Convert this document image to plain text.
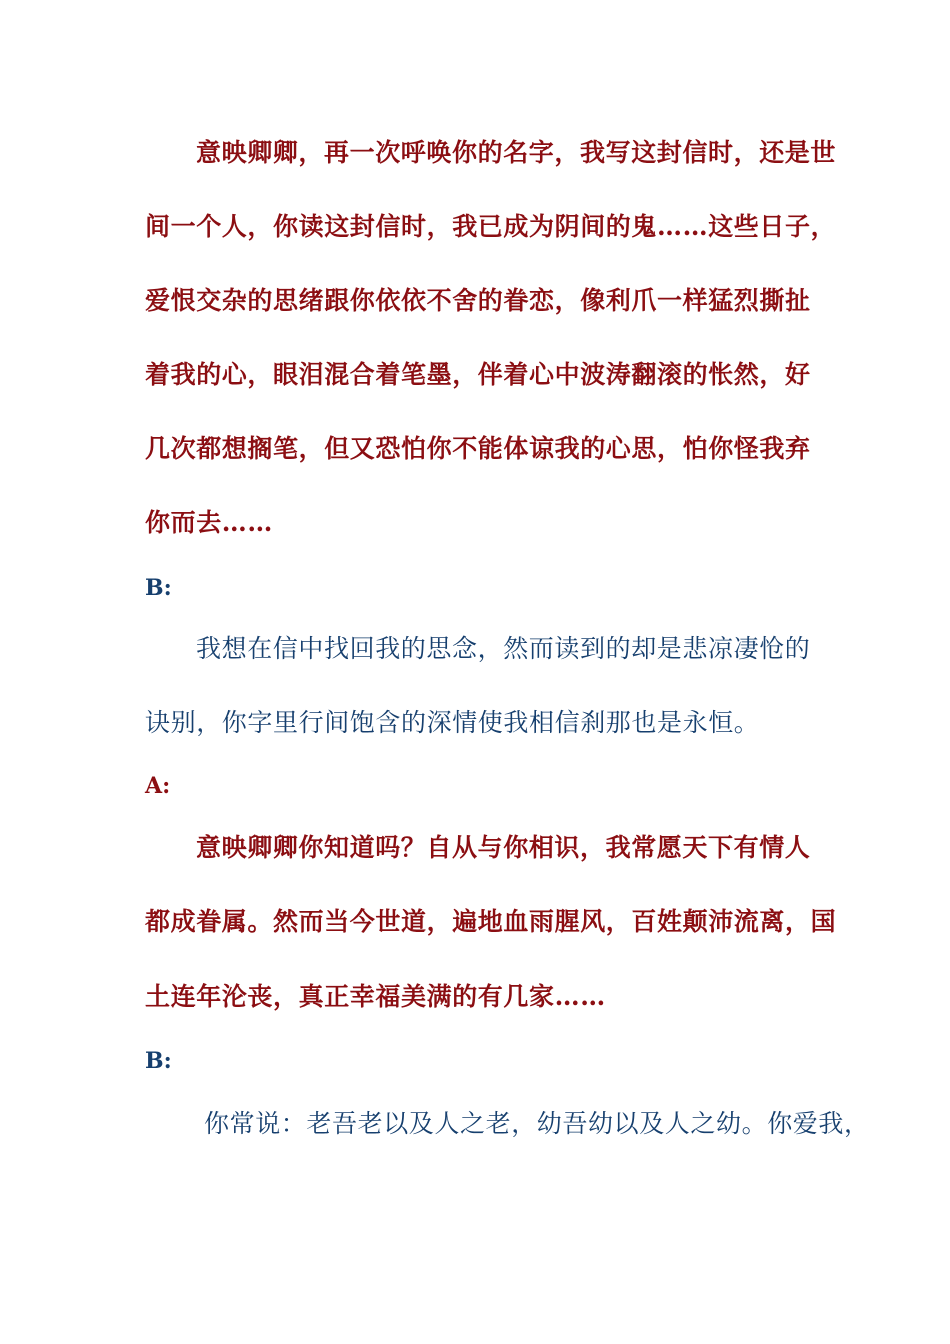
意映卿卿，再一次呼唤你的名字，我写这封信时，还是世
间一个人，你读这封信时，我已成为阴间的鬼……这些日子，
爱恨交杂的思绪跟你依依不舍的眷恋，像利爪一样猛烈撕扯
着我的心，眼泪混合着笔墨，伴着心中波涛翻滚的怅然，好
几次都想搁笔，但又恐怕你不能体谅我的心思，怕你怪我弃
你而去……
B:
我想在信中找回我的思念，然而读到的却是悲凉凄怆的
诀别，你字里行间饱含的深情使我相信刹那也是永恒。
A:
意映卿卿你知道吗？自从与你相识，我常愿天下有情人
都成眷属。然而当今世道，遍地血雨腥风，百姓颠沛流离，国
土连年沦丧，真正幸福美满的有几家……
B:
你常说：老吾老以及人之老，幼吾幼以及人之幼。你爱我，
